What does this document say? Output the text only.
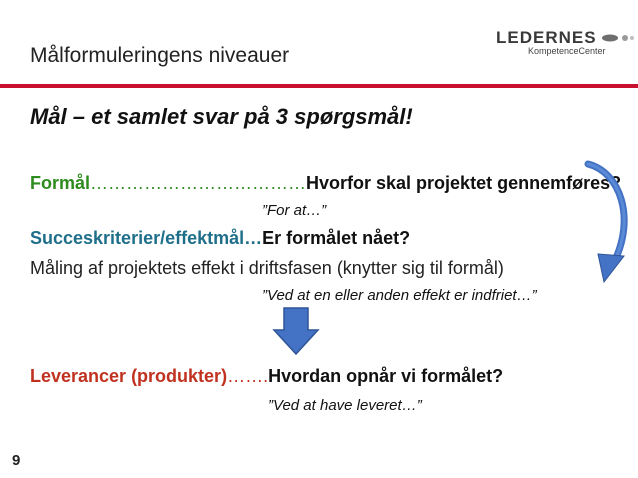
Målformuleringens niveauer
LEDERNES
KompetenceCenter
Mål – et samlet svar på 3 spørgsmål!
Formål………………………………Hvorfor skal projektet gennemføres?
”For at…”
Succeskriterier/effektmål…Er formålet nået?
Måling af projektets effekt i driftsfasen (knytter sig til formål)
”Ved at en eller anden effekt er indfriet…”
Leverancer (produkter)…….Hvordan opnår vi formålet?
”Ved at have leveret…”
9
